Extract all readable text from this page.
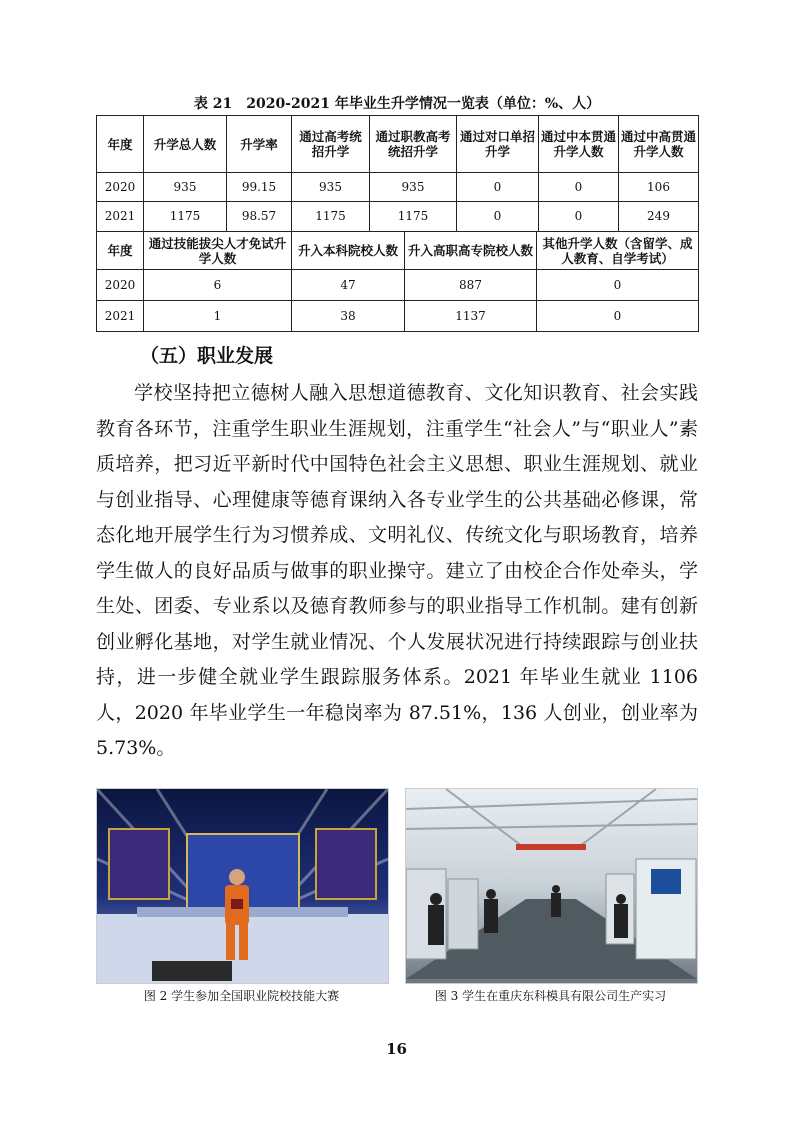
表 21　2020-2021 年毕业生升学情况一览表（单位：%、人）
年度	升学总人数	升学率	通过高考统招升学	通过职教高考统招升学	通过对口单招升学	通过中本贯通升学人数	通过中高贯通升学人数
2020	935	99.15	935	935	0	0	106
2021	1175	98.57	1175	1175	0	0	249
年度	通过技能拔尖人才免试升学人数	升入本科院校人数	升入高职高专院校人数	其他升学人数（含留学、成人教育、自学考试）
2020	6	47	887	0
2021	1	38	1137	0
（五）职业发展
学校坚持把立德树人融入思想道德教育、文化知识教育、社会实践教育各环节，注重学生职业生涯规划，注重学生“社会人”与“职业人”素质培养，把习近平新时代中国特色社会主义思想、职业生涯规划、就业与创业指导、心理健康等德育课纳入各专业学生的公共基础必修课，常态化地开展学生行为习惯养成、文明礼仪、传统文化与职场教育，培养学生做人的良好品质与做事的职业操守。建立了由校企合作处牵头，学生处、团委、专业系以及德育教师参与的职业指导工作机制。建有创新创业孵化基地，对学生就业情况、个人发展状况进行持续跟踪与创业扶持，进一步健全就业学生跟踪服务体系。2021 年毕业生就业 1106 人，2020 年毕业学生一年稳岗率为 87.51%，136 人创业，创业率为 5.73%。
图 2 学生参加全国职业院校技能大赛	图 3 学生在重庆东科模具有限公司生产实习
16
